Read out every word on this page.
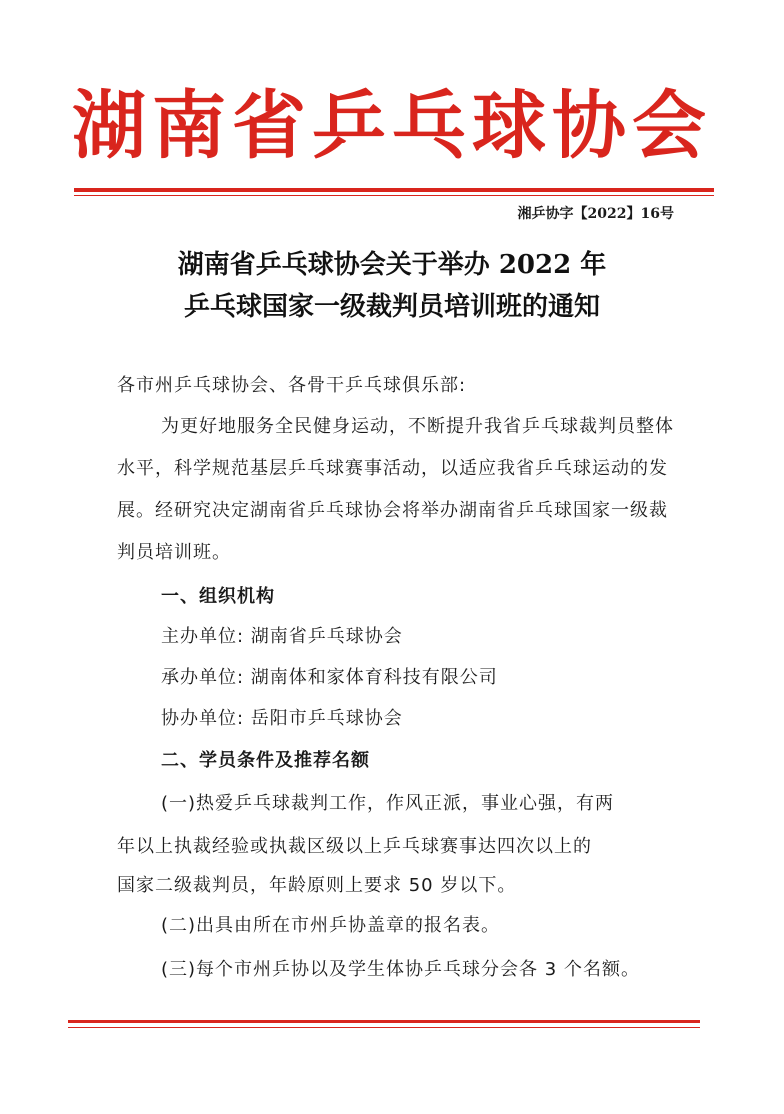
湖南省乒乓球协会
湘乒协字【2022】16号
湖南省乒乓球协会关于举办 2022 年
乒乓球国家一级裁判员培训班的通知
各市州乒乓球协会、各骨干乒乓球俱乐部:

为更好地服务全民健身运动，不断提升我省乒乓球裁判员整体水平，科学规范基层乒乓球赛事活动，以适应我省乒乓球运动的发展。经研究决定湖南省乒乓球协会将举办湖南省乒乓球国家一级裁判员培训班。

一、组织机构
主办单位: 湖南省乒乓球协会
承办单位: 湖南体和家体育科技有限公司
协办单位: 岳阳市乒乓球协会
二、学员条件及推荐名额
(一)热爱乒乓球裁判工作，作风正派，事业心强，有两
年以上执裁经验或执裁区级以上乒乓球赛事达四次以上的
国家二级裁判员，年龄原则上要求 50 岁以下。
(二)出具由所在市州乒协盖章的报名表。
(三)每个市州乒协以及学生体协乒乓球分会各 3 个名额。
